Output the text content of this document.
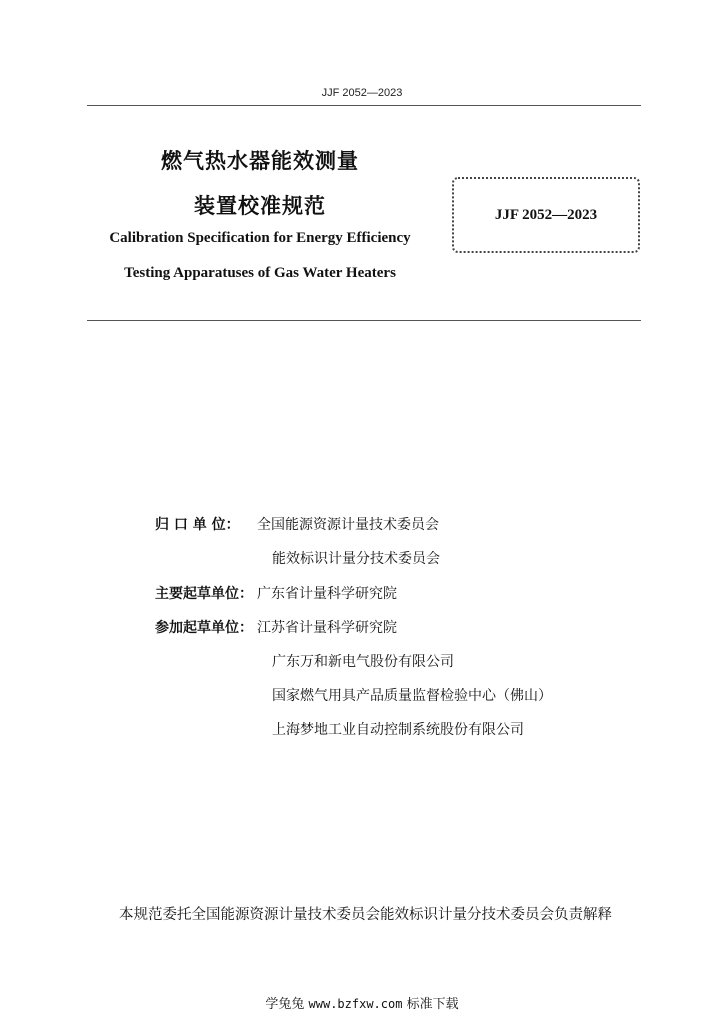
JJF 2052—2023
燃气热水器能效测量
装置校准规范
Calibration Specification for Energy Efficiency
Testing Apparatuses of Gas Water Heaters
JJF 2052—2023
归 口 单 位： 全国能源资源计量技术委员会
能效标识计量分技术委员会
主要起草单位： 广东省计量科学研究院
参加起草单位： 江苏省计量科学研究院
广东万和新电气股份有限公司
国家燃气用具产品质量监督检验中心（佛山）
上海梦地工业自动控制系统股份有限公司
本规范委托全国能源资源计量技术委员会能效标识计量分技术委员会负责解释
学兔兔 www.bzfxw.com 标准下载
